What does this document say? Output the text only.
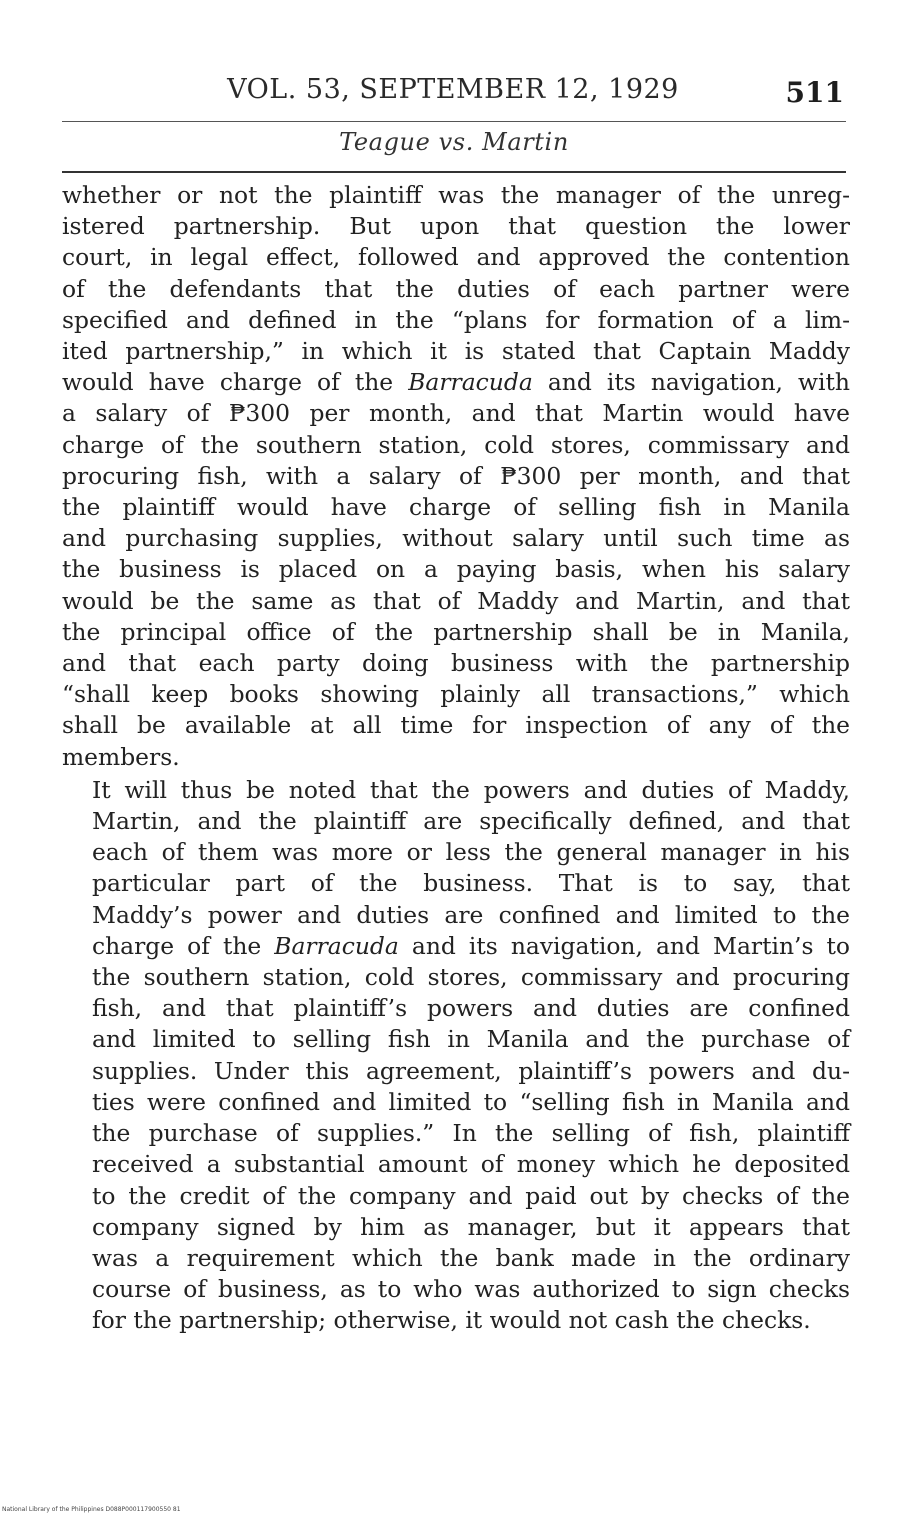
VOL. 53, SEPTEMBER 12, 1929	511
Teague vs. Martin
whether or not the plaintiff was the manager of the unreg-
istered partnership. But upon that question the lower
court, in legal effect, followed and approved the contention
of the defendants that the duties of each partner were
specified and defined in the “plans for formation of a lim-
ited partnership,” in which it is stated that Captain Maddy
would have charge of the Barracuda and its navigation, with
a salary of ₱300 per month, and that Martin would have
charge of the southern station, cold stores, commissary and
procuring fish, with a salary of ₱300 per month, and that
the plaintiff would have charge of selling fish in Manila
and purchasing supplies, without salary until such time as
the business is placed on a paying basis, when his salary
would be the same as that of Maddy and Martin, and that
the principal office of the partnership shall be in Manila,
and that each party doing business with the partnership
“shall keep books showing plainly all transactions,” which
shall be available at all time for inspection of any of the
members.
It will thus be noted that the powers and duties of Maddy,
Martin, and the plaintiff are specifically defined, and that
each of them was more or less the general manager in his
particular part of the business. That is to say, that
Maddy’s power and duties are confined and limited to the
charge of the Barracuda and its navigation, and Martin’s to
the southern station, cold stores, commissary and procuring
fish, and that plaintiff’s powers and duties are confined
and limited to selling fish in Manila and the purchase of
supplies. Under this agreement, plaintiff’s powers and du-
ties were confined and limited to “selling fish in Manila and
the purchase of supplies.” In the selling of fish, plaintiff
received a substantial amount of money which he deposited
to the credit of the company and paid out by checks of the
company signed by him as manager, but it appears that
was a requirement which the bank made in the ordinary
course of business, as to who was authorized to sign checks
for the partnership; otherwise, it would not cash the checks.
National Library of the Philippines D088P000117900550 81
